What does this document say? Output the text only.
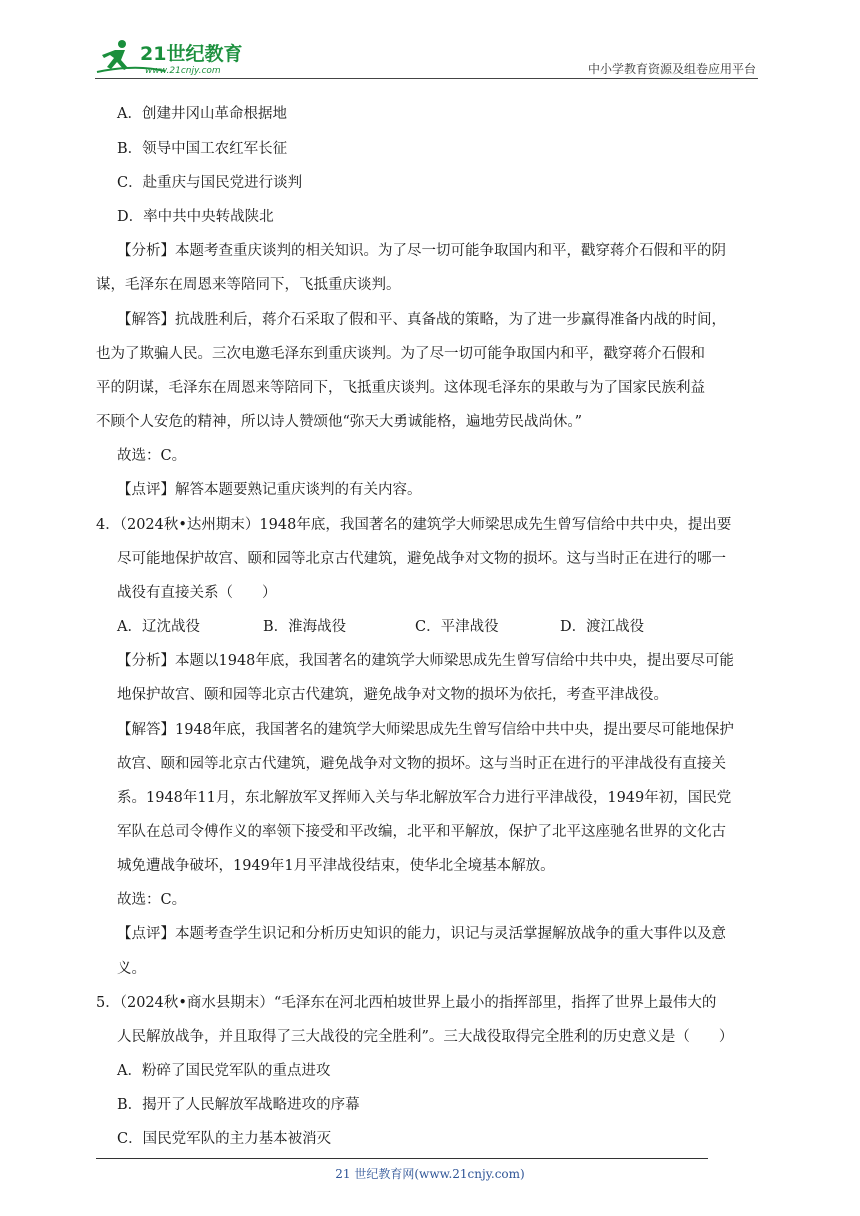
21世纪教育
www.21cnjy.com	中小学教育资源及组卷应用平台
A．创建井冈山革命根据地
B．领导中国工农红军长征
C．赴重庆与国民党进行谈判
D．率中共中央转战陕北
【分析】本题考查重庆谈判的相关知识。为了尽一切可能争取国内和平，戳穿蒋介石假和平的阴
谋，毛泽东在周恩来等陪同下，飞抵重庆谈判。
【解答】抗战胜利后，蒋介石采取了假和平、真备战的策略，为了进一步赢得准备内战的时间，
也为了欺骗人民。三次电邀毛泽东到重庆谈判。为了尽一切可能争取国内和平，戳穿蒋介石假和
平的阴谋，毛泽东在周恩来等陪同下，飞抵重庆谈判。这体现毛泽东的果敢与为了国家民族利益
不顾个人安危的精神，所以诗人赞颂他“弥天大勇诚能格，遍地劳民战尚休。”
故选：C。
【点评】解答本题要熟记重庆谈判的有关内容。
4．（2024秋•达州期末）1948年底，我国著名的建筑学大师梁思成先生曾写信给中共中央，提出要
尽可能地保护故宫、颐和园等北京古代建筑，避免战争对文物的损坏。这与当时正在进行的哪一
战役有直接关系（　　）
A．辽沈战役	B．淮海战役	C．平津战役	D．渡江战役
【分析】本题以1948年底，我国著名的建筑学大师梁思成先生曾写信给中共中央，提出要尽可能
地保护故宫、颐和园等北京古代建筑，避免战争对文物的损坏为依托，考查平津战役。
【解答】1948年底，我国著名的建筑学大师梁思成先生曾写信给中共中央，提出要尽可能地保护
故宫、颐和园等北京古代建筑，避免战争对文物的损坏。这与当时正在进行的平津战役有直接关
系。1948年11月，东北解放军叉挥师入关与华北解放军合力进行平津战役，1949年初，国民党
军队在总司令傅作义的率领下接受和平改编，北平和平解放，保护了北平这座驰名世界的文化古
城免遭战争破坏，1949年1月平津战役结束，使华北全境基本解放。
故选：C。
【点评】本题考查学生识记和分析历史知识的能力，识记与灵活掌握解放战争的重大事件以及意
义。
5．（2024秋•商水县期末）“毛泽东在河北西柏坡世界上最小的指挥部里，指挥了世界上最伟大的
人民解放战争，并且取得了三大战役的完全胜利”。三大战役取得完全胜利的历史意义是（　　）
A．粉碎了国民党军队的重点进攻
B．揭开了人民解放军战略进攻的序幕
C．国民党军队的主力基本被消灭
21 世纪教育网(www.21cnjy.com)
